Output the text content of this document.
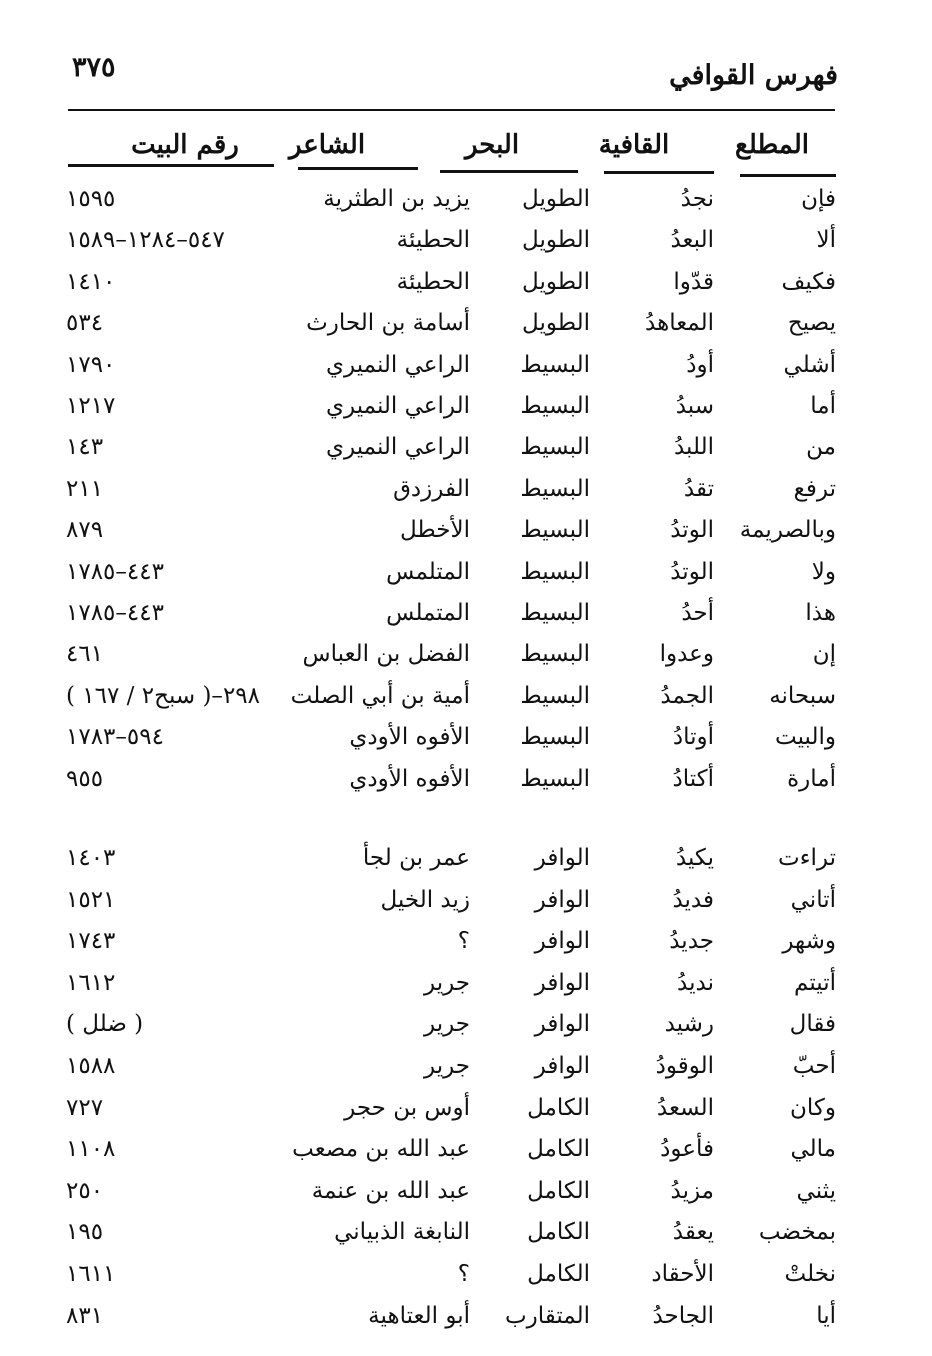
٣٧٥	فهرس القوافي
المطلع
القافية
البحر
الشاعر
رقم البيت
فإن
نجدُ
الطويل
يزيد بن الطثرية
١٥٩٥
ألا
البعدُ
الطويل
الحطيئة
٥٤٧–١٢٨٤–١٥٨٩
فكيف
قدّوا
الطويل
الحطيئة
١٤١٠
يصيح
المعاهدُ
الطويل
أسامة بن الحارث
٥٣٤
أشلي
أودُ
البسيط
الراعي النميري
١٧٩٠
أما
سبدُ
البسيط
الراعي النميري
١٢١٧
من
اللبدُ
البسيط
الراعي النميري
١٤٣
ترفع
تقدُ
البسيط
الفرزدق
٢١١
وبالصريمة
الوتدُ
البسيط
الأخطل
٨٧٩
ولا
الوتدُ
البسيط
المتلمس
٤٤٣–١٧٨٥
هذا
أحدُ
البسيط
المتملس
٤٤٣–١٧٨٥
إن
وعدوا
البسيط
الفضل بن العباس
٤٦١
سبحانه
الجمدُ
البسيط
أمية بن أبي الصلت
٢٩٨–( سبح٢ / ١٦٧ )
والبيت
أوتادُ
البسيط
الأفوه الأودي
٥٩٤–١٧٨٣
أمارة
أكتادُ
البسيط
الأفوه الأودي
٩٥٥
تراءت
يكيدُ
الوافر
عمر بن لجأ
١٤٠٣
أتاني
فديدُ
الوافر
زيد الخيل
١٥٢١
وشهر
جديدُ
الوافر
؟
١٧٤٣
أتيتم
نديدُ
الوافر
جرير
١٦١٢
فقال
رشيد
الوافر
جرير
( ضلل )
أحبّ
الوقودُ
الوافر
جرير
١٥٨٨
وكان
السعدُ
الكامل
أوس بن حجر
٧٢٧
مالي
فأعودُ
الكامل
عبد الله بن مصعب
١١٠٨
يثني
مزيدُ
الكامل
عبد الله بن عنمة
٢٥٠
بمخضب
يعقدُ
الكامل
النابغة الذبياني
١٩٥
نخلتْ
الأحقاد
الكامل
؟
١٦١١
أيا
الجاحدُ
المتقارب
أبو العتاهية
٨٣١
